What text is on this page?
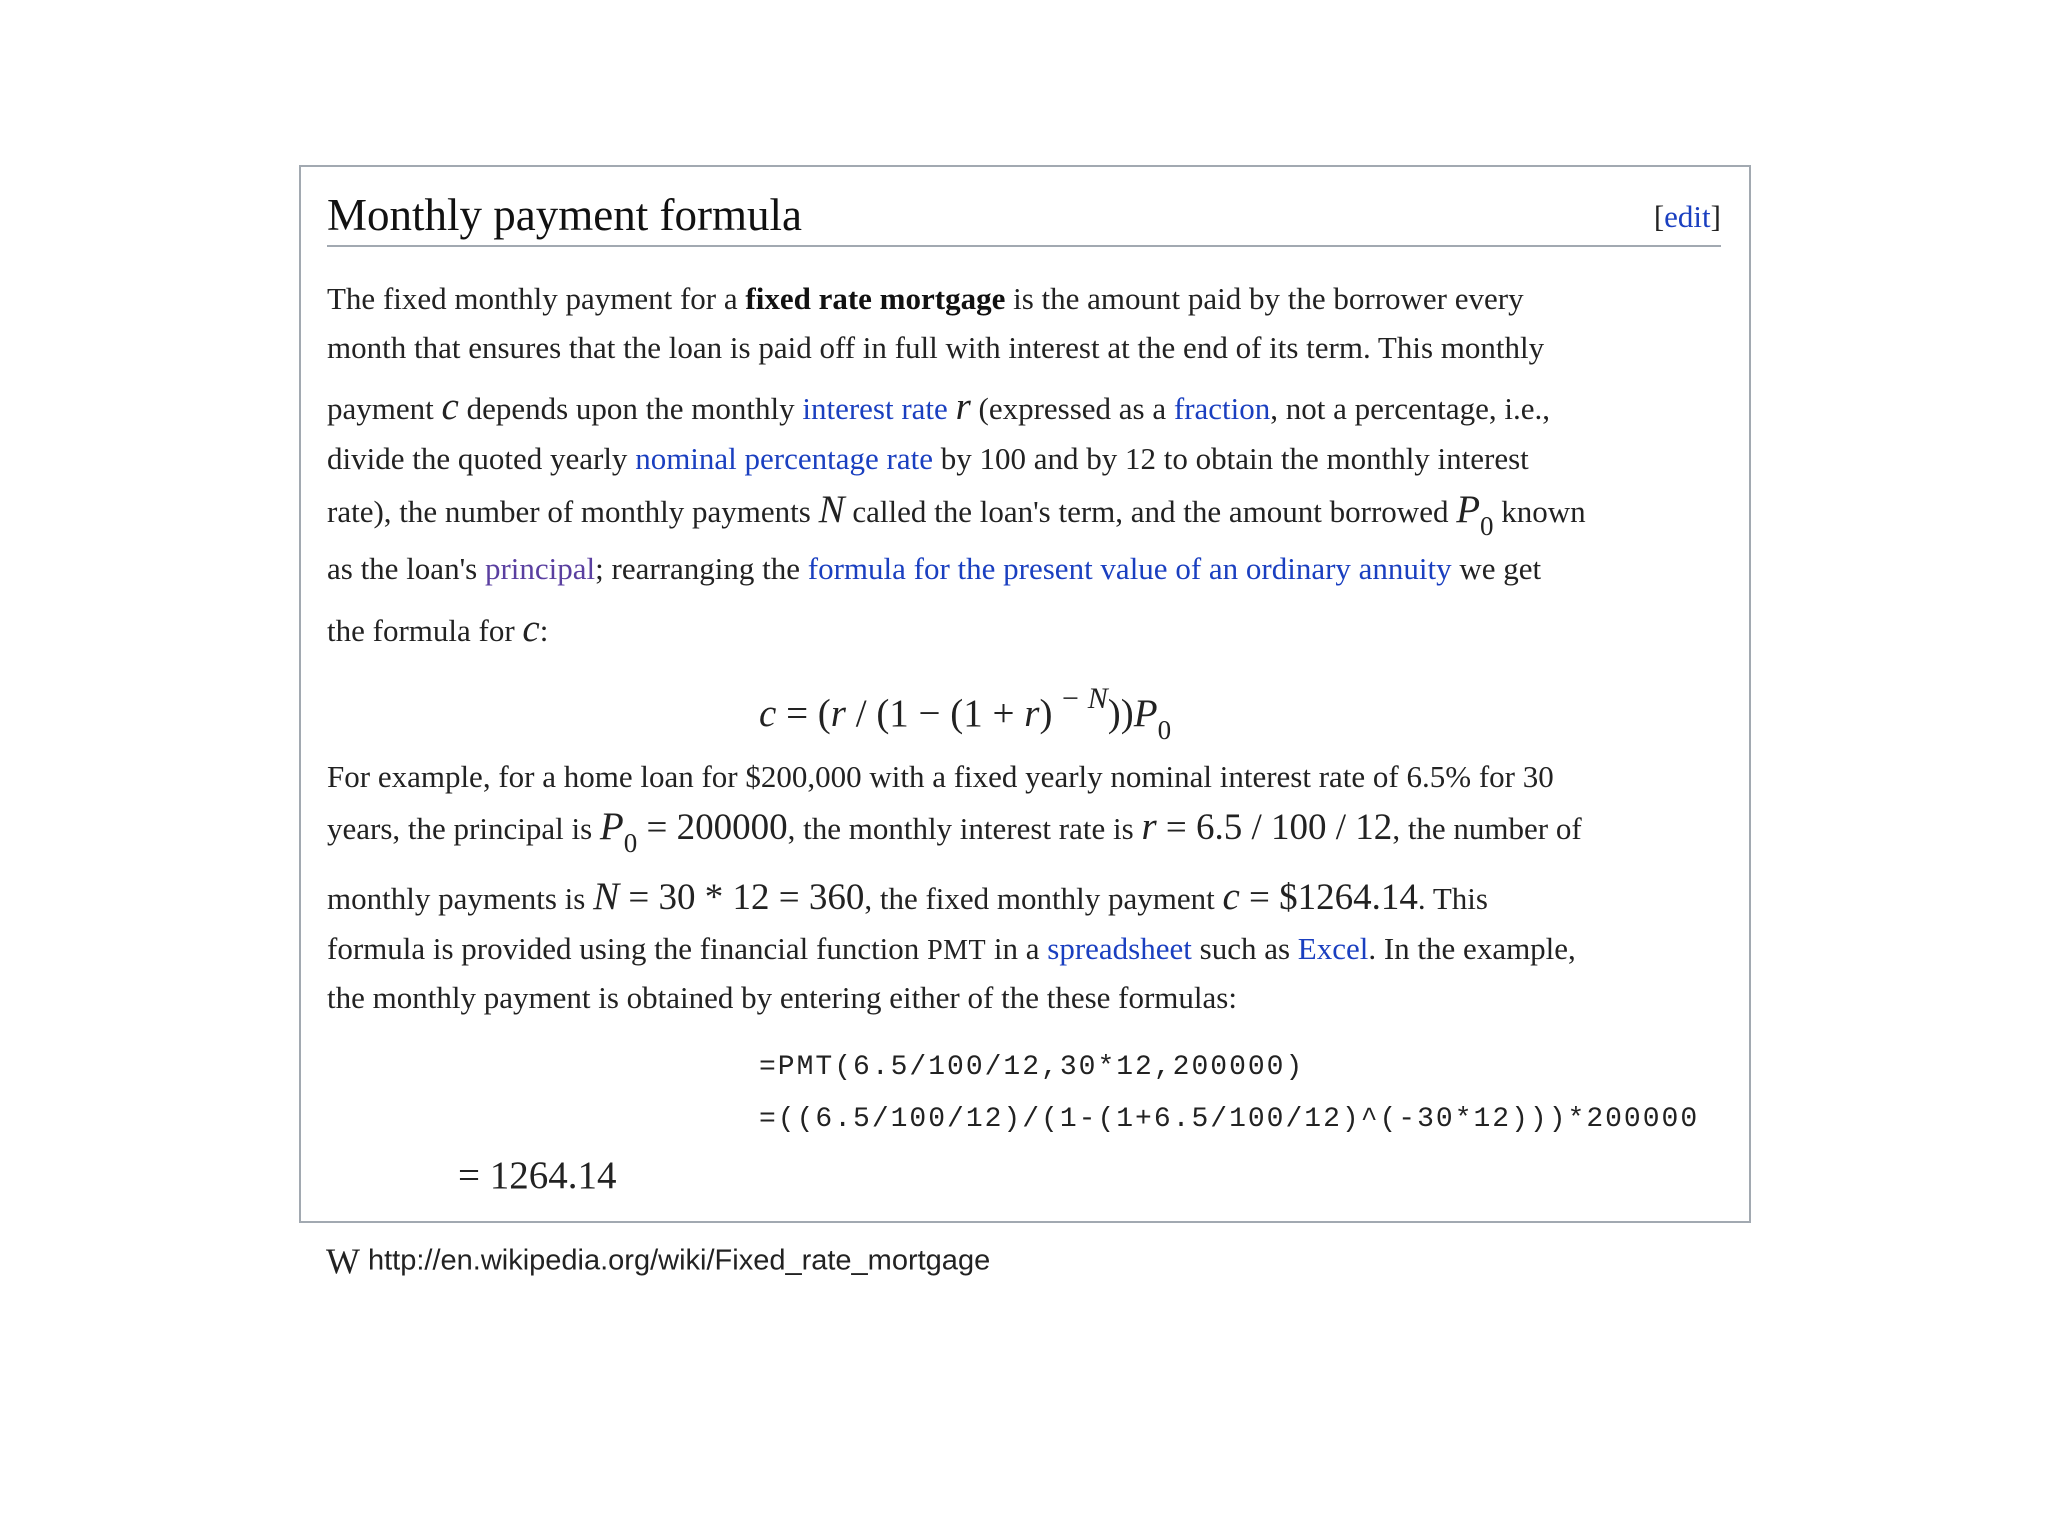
Monthly payment formula	[edit]
The fixed monthly payment for a fixed rate mortgage is the amount paid by the borrower every
month that ensures that the loan is paid off in full with interest at the end of its term. This monthly
payment c depends upon the monthly interest rate r (expressed as a fraction, not a percentage, i.e.,
divide the quoted yearly nominal percentage rate by 100 and by 12 to obtain the monthly interest
rate), the number of monthly payments N called the loan's term, and the amount borrowed P0 known
as the loan's principal; rearranging the formula for the present value of an ordinary annuity we get
the formula for c:
c = (r / (1 − (1 + r) $^{- N}))P_0$
For example, for a home loan for $200,000 with a fixed yearly nominal interest rate of 6.5% for 30
years, the principal is P0 = 200000, the monthly interest rate is r = 6.5 / 100 / 12, the number of
monthly payments is N = 30 * 12 = 360, the fixed monthly payment c = $1264.14. This
formula is provided using the financial function PMT in a spreadsheet such as Excel. In the example,
the monthly payment is obtained by entering either of the these formulas:
=PMT(6.5/100/12,30*12,200000)
=((6.5/100/12)/(1-(1+6.5/100/12)^(-30*12)))*200000
= 1264.14
W http://en.wikipedia.org/wiki/Fixed_rate_mortgage
